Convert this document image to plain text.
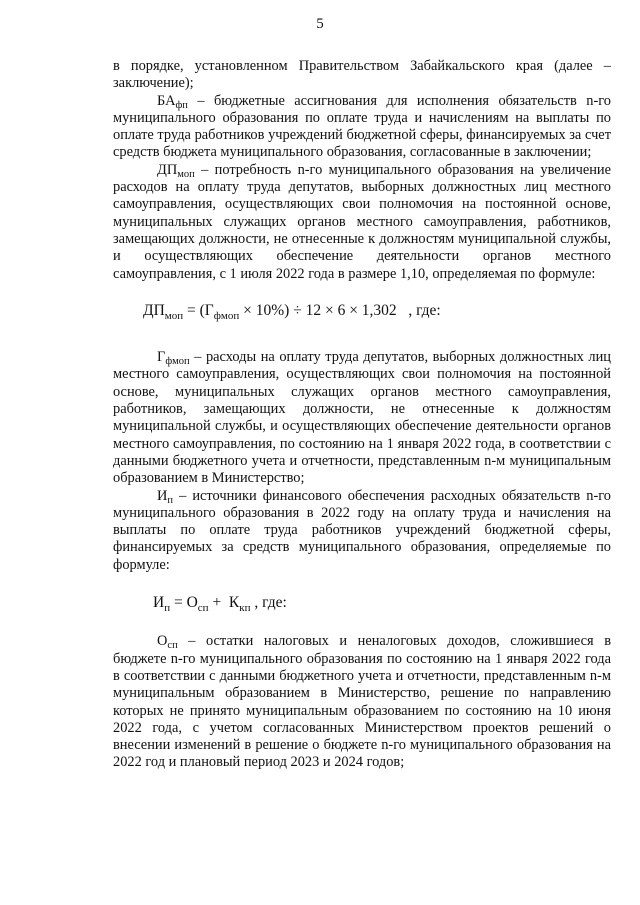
5

в порядке, установленном Правительством Забайкальского края (далее – заключение);

$БА_{фп}$ – бюджетные ассигнования для исполнения обязательств n-го муниципального образования по оплате труда и начислениям на выплаты по оплате труда работников учреждений бюджетной сферы, финансируемых за счет средств бюджета муниципального образования, согласованные в заключении;

$ДП_{моп}$ – потребность n-го муниципального образования на увеличение расходов на оплату труда депутатов, выборных должностных лиц местного самоуправления, осуществляющих свои полномочия на постоянной основе, муниципальных служащих органов местного самоуправления, работников, замещающих должности, не отнесенные к должностям муниципальной службы, и осуществляющих обеспечение деятельности органов местного самоуправления, с 1 июля 2022 года в размере 1,10, определяемая по формуле:

$ДП_{моп} = (Г_{фмоп} \times 10\%) \div 12 \times 6 \times 1,302$   , где:

$Г_{фмоп}$ – расходы на оплату труда депутатов, выборных должностных лиц местного самоуправления, осуществляющих свои полномочия на постоянной основе, муниципальных служащих органов местного самоуправления, работников, замещающих должности, не отнесенные к должностям муниципальной службы, и осуществляющих обеспечение деятельности органов местного самоуправления, по состоянию на 1 января 2022 года, в соответствии с данными бюджетного учета и отчетности, представленным n-м муниципальным образованием в Министерство;

$И_п$ – источники финансового обеспечения расходных обязательств n-го муниципального образования в 2022 году на оплату труда и начисления на выплаты по оплате труда работников учреждений бюджетной сферы, финансируемых за средств муниципального образования, определяемые по формуле:

$И_п = О_{сп} + К_{кп}$ , где:

$О_{сп}$ – остатки налоговых и неналоговых доходов, сложившиеся в бюджете n-го муниципального образования по состоянию на 1 января 2022 года в соответствии с данными бюджетного учета и отчетности, представленным n-м муниципальным образованием в Министерство, решение по направлению которых не принято муниципальным образованием по состоянию на 10 июня 2022 года, с учетом согласованных Министерством проектов решений о внесении изменений в решение о бюджете n-го муниципального образования на 2022 год и плановый период 2023 и 2024 годов;
